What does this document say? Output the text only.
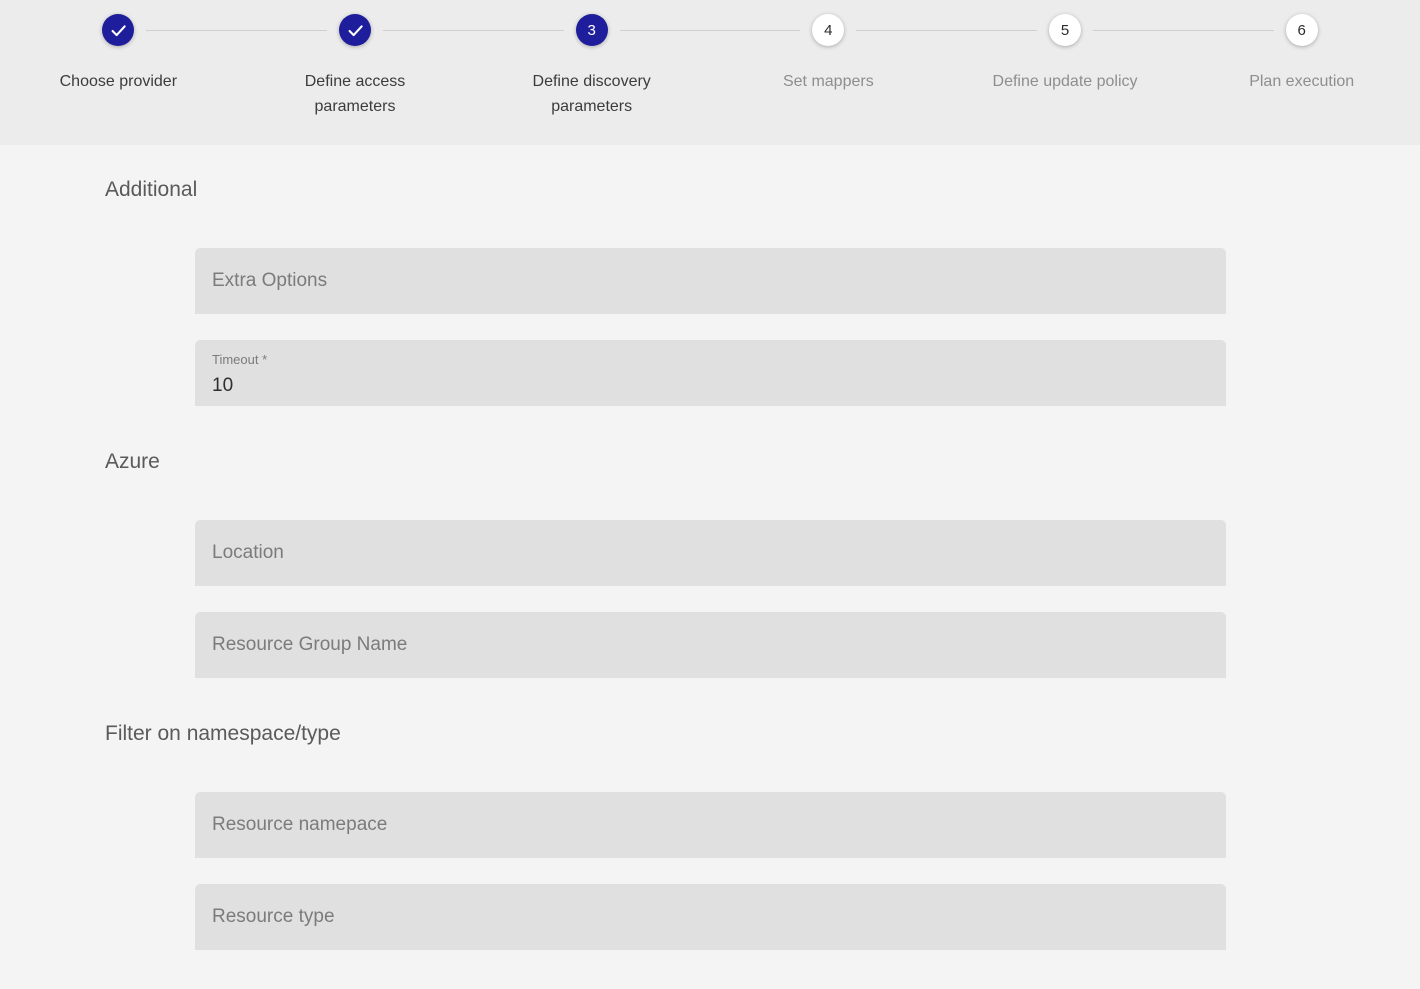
Choose provider	Define access parameters
3
Define discovery parameters
4
Set mappers
5
Define update policy
6
Plan execution
Additional
Extra Options
Timeout *
10
Azure
Location
Resource Group Name
Filter on namespace/type
Resource namepace
Resource type
